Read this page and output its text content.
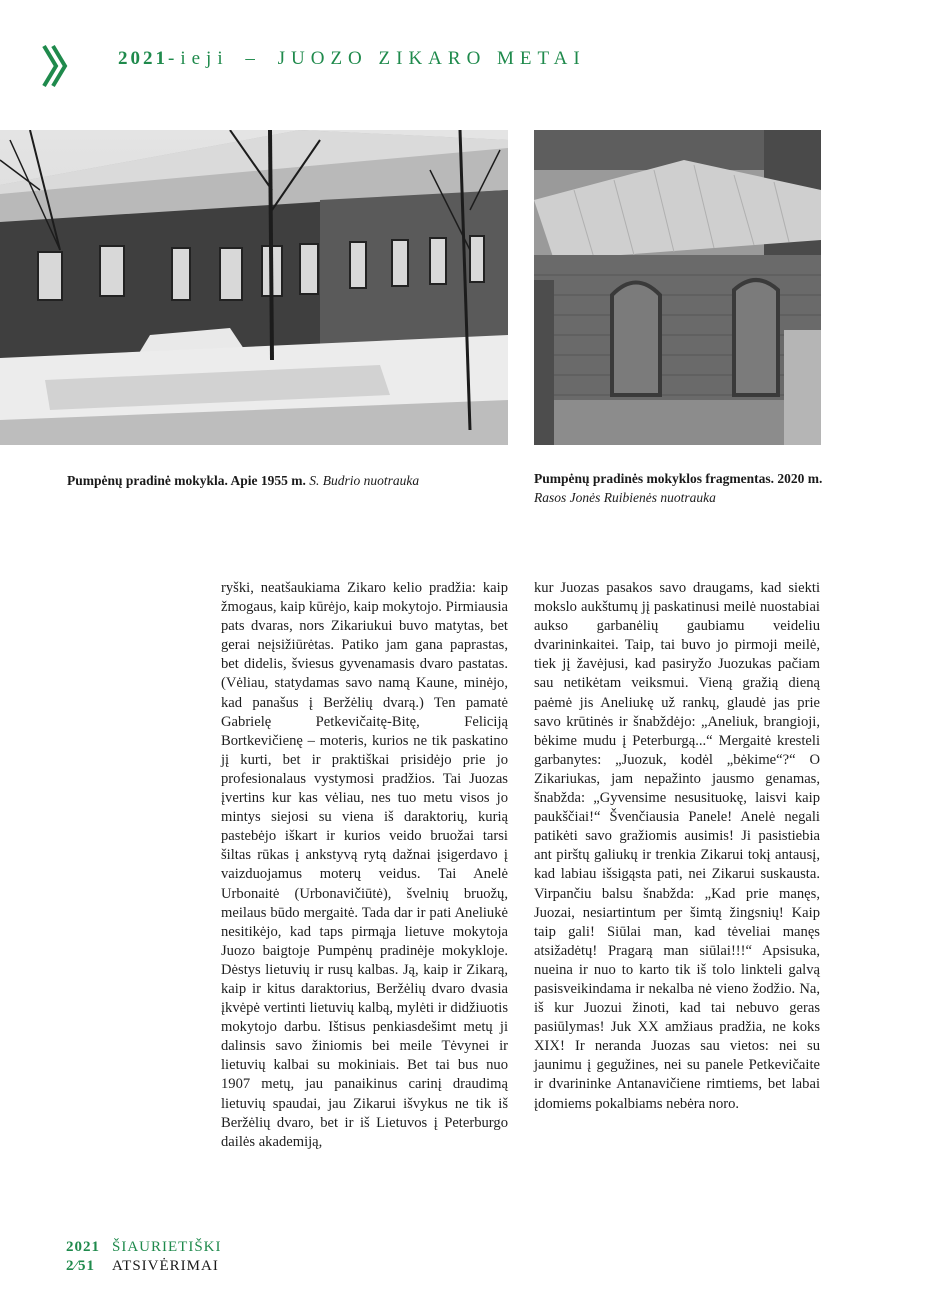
2021-ieji – JUOZO ZIKARO METAI
Pumpėnų pradinė mokykla. Apie 1955 m. S. Budrio nuotrauka	Pumpėnų pradinės mokyklos fragmentas. 2020 m. Rasos Jonės Ruibienės nuotrauka
ryški, neatšaukiama Zikaro kelio pradžia: kaip žmogaus, kaip kūrėjo, kaip mokytojo. Pirmiausia pats dvaras, nors Zikariukui buvo matytas, bet gerai neįsižiūrėtas. Patiko jam gana paprastas, bet didelis, šviesus gyvenamasis dvaro pastatas. (Vėliau, statydamas savo namą Kaune, minėjo, kad panašus į Beržėlių dvarą.) Ten pamatė Gabrielę Petkevičaitę-Bitę, Feliciją Bortkevičienę – moteris, kurios ne tik paskatino jį kurti, bet ir praktiškai prisidėjo prie jo profesionalaus vystymosi pradžios. Tai Juozas įvertins kur kas vėliau, nes tuo metu visos jo mintys siejosi su viena iš daraktorių, kurią pastebėjo iškart ir kurios veido bruožai tarsi šiltas rūkas į ankstyvą rytą dažnai įsigerdavo į vaizduojamus moterų veidus. Tai Anelė Urbonaitė (Urbonavičiūtė), švelnių bruožų, meilaus būdo mergaitė. Tada dar ir pati Aneliukė nesitikėjo, kad taps pirmąja lietuve mokytoja Juozo baigtoje Pumpėnų pradinėje mokykloje. Dėstys lietuvių ir rusų kalbas. Ją, kaip ir Zikarą, kaip ir kitus daraktorius, Beržėlių dvaro dvasia įkvėpė vertinti lietuvių kalbą, mylėti ir didžiuotis mokytojo darbu. Ištisus penkiasdešimt metų ji dalinsis savo žiniomis bei meile Tėvynei ir lietuvių kalbai su mokiniais. Bet tai bus nuo 1907 metų, jau panaikinus carinį draudimą lietuvių spaudai, jau Zikarui išvykus ne tik iš Beržėlių dvaro, bet ir iš Lietuvos į Peterburgo dailės akademiją,
kur Juozas pasakos savo draugams, kad siekti mokslo aukštumų jį paskatinusi meilė nuostabiai aukso garbanėlių gaubiamu veideliu dvarininkaitei. Taip, tai buvo jo pirmoji meilė, tiek jį žavėjusi, kad pasiryžo Juozukas pačiam sau netikėtam veiksmui. Vieną gražią dieną paėmė jis Aneliukę už rankų, glaudė jas prie savo krūtinės ir šnabždėjo: „Aneliuk, brangioji, bėkime mudu į Peterburgą...“ Mergaitė kresteli garbanytes: „Juozuk, kodėl „bėkime“?“ O Zikariukas, jam nepažinto jausmo genamas, šnabžda: „Gyvensime nesusituokę, laisvi kaip paukščiai!“ Švenčiausia Panele! Anelė negali patikėti savo gražiomis ausimis! Ji pasistiebia ant pirštų galiukų ir trenkia Zikarui tokį antausį, kad labiau išsigąsta pati, nei Zikarui suskausta. Virpančiu balsu šnabžda: „Kad prie manęs, Juozai, nesiartintum per šimtą žingsnių! Kaip taip gali! Siūlai man, kad tėveliai manęs atsižadėtų! Pragarą man siūlai!!!“ Apsisuka, nueina ir nuo to karto tik iš tolo linkteli galvą pasisveikindama ir nekalba nė vieno žodžio. Na, iš kur Juozui žinoti, kad tai nebuvo geras pasiūlymas! Juk XX amžiaus pradžia, ne koks XIX! Ir neranda Juozas sau vietos: nei su jaunimu į gegužines, nei su panele Petkevičaite ir dvarininke Antanavičiene rimtiems, bet labai įdomiems pokalbiams nebėra noro.
2021 ŠIAURIETIŠKI
2⁄51 ATSIVĖRIMAI
